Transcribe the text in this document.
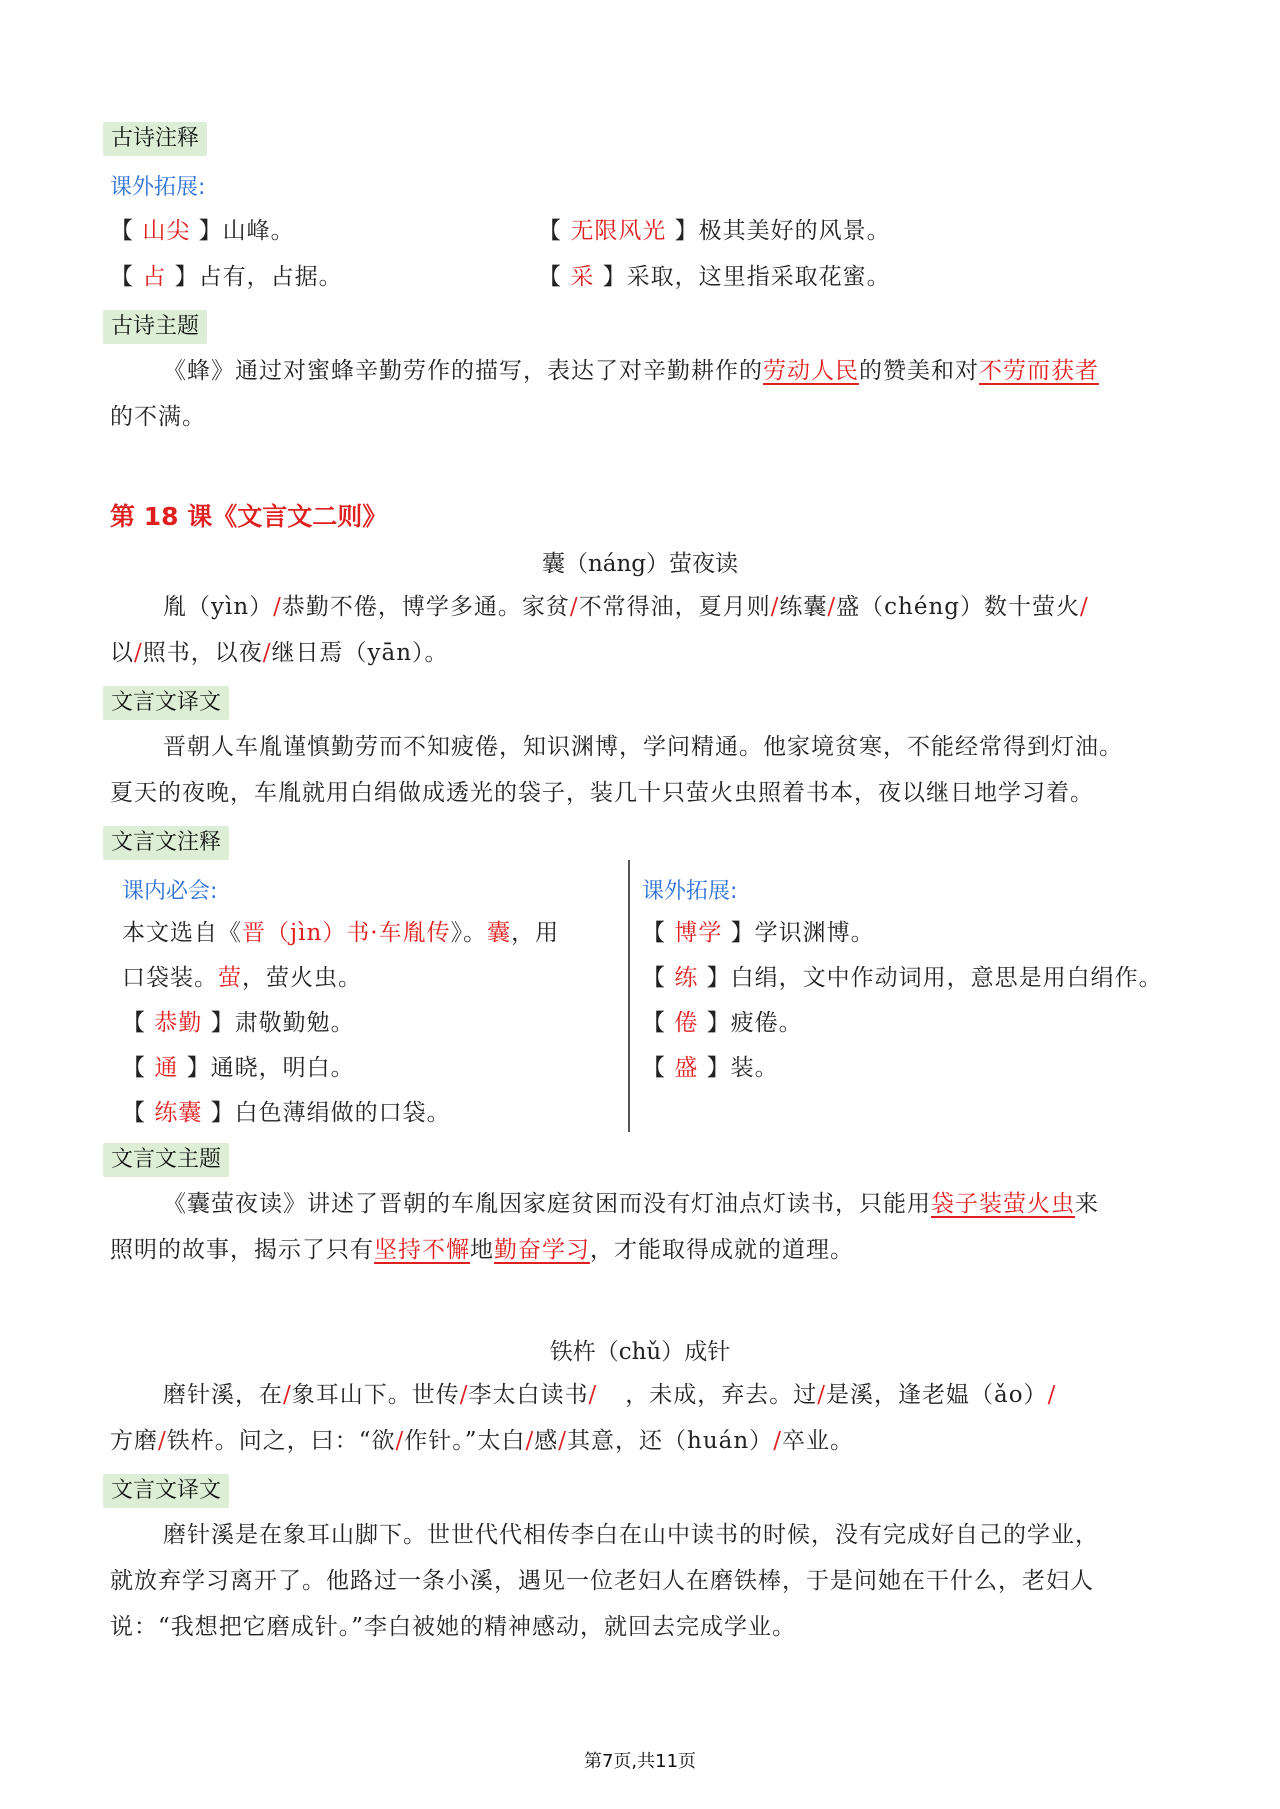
古诗注释
课外拓展:
【 山尖 】山峰。	【 无限风光 】极其美好的风景。
【 占 】占有，占据。	【 采 】采取，这里指采取花蜜。
古诗主题
《蜂》通过对蜜蜂辛勤劳作的描写，表达了对辛勤耕作的劳动人民的赞美和对不劳而获者
的不满。
第 18 课《文言文二则》
囊（náng）萤夜读
胤（yìn）/恭勤不倦，博学多通。家贫/不常得油，夏月则/练囊/盛（chéng）数十萤火/
以/照书，以夜/继日焉（yān）。
文言文译文
晋朝人车胤谨慎勤劳而不知疲倦，知识渊博，学问精通。他家境贫寒，不能经常得到灯油。
夏天的夜晚，车胤就用白绢做成透光的袋子，装几十只萤火虫照着书本，夜以继日地学习着。
文言文注释
课内必会:
本文选自《晋（jìn）书·车胤传》。囊，用
口袋装。萤，萤火虫。
【 恭勤 】肃敬勤勉。
【 通 】通晓，明白。
【 练囊 】白色薄绢做的口袋。
课外拓展:
【 博学 】学识渊博。
【 练 】白绢，文中作动词用，意思是用白绢作。
【 倦 】疲倦。
【 盛 】装。
文言文主题
《囊萤夜读》讲述了晋朝的车胤因家庭贫困而没有灯油点灯读书，只能用袋子装萤火虫来
照明的故事，揭示了只有坚持不懈地勤奋学习，才能取得成就的道理。
铁杵（chǔ）成针
磨针溪，在/象耳山下。世传/李太白读书/ ，未成，弃去。过/是溪，逢老媪（ǎo）/
方磨/铁杵。问之，曰：“欲/作针。”太白/感/其意，还（huán）/卒业。
文言文译文
磨针溪是在象耳山脚下。世世代代相传李白在山中读书的时候，没有完成好自己的学业，
就放弃学习离开了。他路过一条小溪，遇见一位老妇人在磨铁棒，于是问她在干什么，老妇人
说：“我想把它磨成针。”李白被她的精神感动，就回去完成学业。
第7页,共11页
